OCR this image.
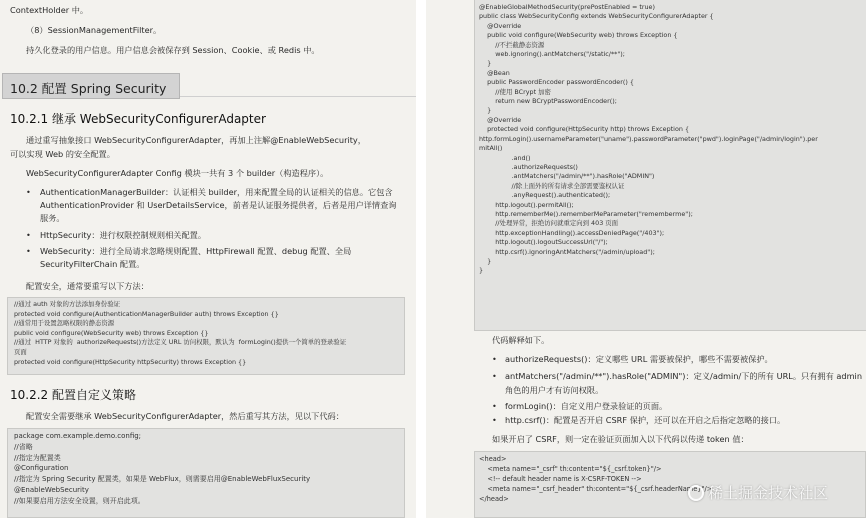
ContextHolder 中。
（8）SessionManagementFilter。
持久化登录的用户信息。用户信息会被保存到 Session、Cookie、或 Redis 中。
10.2 配置 Spring Security
10.2.1 继承 WebSecurityConfigurerAdapter
通过重写抽象接口 WebSecurityConfigurerAdapter，再加上注解@EnableWebSecurity，
可以实现 Web 的安全配置。
WebSecurityConfigurerAdapter Config 模块一共有 3 个 builder（构造程序）。
•	AuthenticationManagerBuilder：认证相关 builder，用来配置全局的认证相关的信息。它包含 AuthenticationProvider 和 UserDetailsService，前者是认证服务提供者，后者是用户详情查询服务。
•	HttpSecurity：进行权限控制规则相关配置。
•	WebSecurity：进行全局请求忽略规则配置、HttpFirewall 配置、debug 配置、全局 SecurityFilterChain 配置。
配置安全，通常要重写以下方法：
//通过 auth 对象的方法添加身份验证
protected void configure(AuthenticationManagerBuilder auth) throws Exception {}
//通常用于设置忽略权限的静态资源
public void configure(WebSecurity web) throws Exception {}
//通过  HTTP 对象的  authorizeRequests()方法定义 URL 访问权限，默认为  formLogin()提供一个简单的登录验证
页面
protected void configure(HttpSecurity httpSecurity) throws Exception {}
10.2.2 配置自定义策略
配置安全需要继承 WebSecurityConfigurerAdapter，然后重写其方法，见以下代码：
package com.example.demo.config;
//省略
//指定为配置类
@Configuration
//指定为 Spring Security 配置类，如果是 WebFlux，则需要启用@EnableWebFluxSecurity
@EnableWebSecurity
//如果要启用方法安全设置，则开启此项。
@EnableGlobalMethodSecurity(prePostEnabled = true)
public class WebSecurityConfig extends WebSecurityConfigurerAdapter {
@Override
public void configure(WebSecurity web) throws Exception {
//不拦截静态资源
web.ignoring().antMatchers("/static/**");
}
@Bean
public PasswordEncoder passwordEncoder() {
//使用 BCrypt 加密
return new BCryptPasswordEncoder();
}
@Override
protected void configure(HttpSecurity http) throws Exception {
http.formLogin().usernameParameter("uname").passwordParameter("pwd").loginPage("/admin/login").per
mitAll()
.and()
.authorizeRequests()
.antMatchers("/admin/**").hasRole("ADMIN")
//除上面外的所有请求全部需要鉴权认证
.anyRequest().authenticated();
http.logout().permitAll();
http.rememberMe().rememberMeParameter("rememberme");
//处理异常，拒绝访问就重定向到 403 页面
http.exceptionHandling().accessDeniedPage("/403");
http.logout().logoutSuccessUrl("/");
http.csrf().ignoringAntMatchers("/admin/upload");
}
}
代码解释如下。
• authorizeRequests()：定义哪些 URL 需要被保护，哪些不需要被保护。
• antMatchers("/admin/**").hasRole("ADMIN")：定义/admin/下的所有 URL。只有拥有 admin 角色的用户才有访问权限。
• formLogin()：自定义用户登录验证的页面。
• http.csrf()：配置是否开启 CSRF 保护，还可以在开启之后指定忽略的接口。
如果开启了 CSRF，则一定在验证页面加入以下代码以传递 token 值：
<head>
<meta name="_csrf" th:content="${_csrf.token}"/>
<!-- default header name is X-CSRF-TOKEN -->
<meta name="_csrf_header" th:content="${_csrf.headerName}"/>
</head>	稀土掘金技术社区
